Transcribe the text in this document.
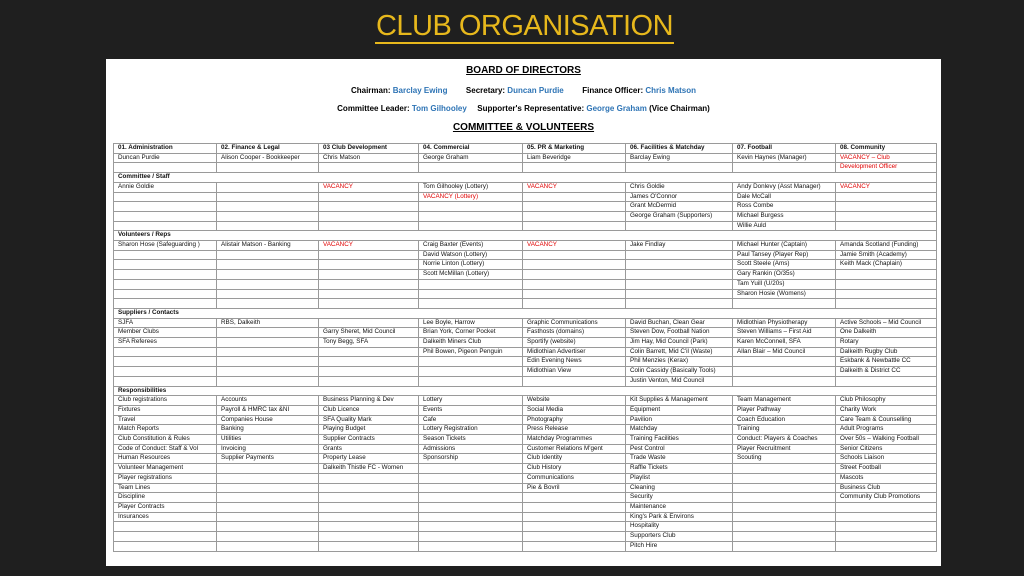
CLUB ORGANISATION
BOARD OF DIRECTORS
Chairman: Barclay Ewing Secretary: Duncan Purdie Finance Officer: Chris Matson
Committee Leader: Tom Gilhooley Supporter's Representative: George Graham (Vice Chairman)
COMMITTEE & VOLUNTEERS
01. Administration	02. Finance & Legal	03 Club Development	04. Commercial	05. PR & Marketing	06. Facilities & Matchday	07. Football	08. Community
Duncan Purdie	Alison Cooper - Bookkeeper	Chris Matson	George Graham	Liam Beveridge	Barclay Ewing	Kevin Haynes (Manager)	VACANCY – Club
							Development Officer
Committee / Staff							
Annie Goldie		VACANCY	Tom Gilhooley (Lottery)	VACANCY	Chris Goldie	Andy Donlevy (Asst Manager)	VACANCY
			VACANCY (Lottery)		James O'Connor	Dale McCall	
					Grant McDermid	Ross Combe	
					George Graham (Supporters)	Michael Burgess	
						Willie Auld	
Volunteers / Reps							
Sharon Hose (Safeguarding )	Alistair Matson - Banking	VACANCY	Craig Baxter (Events)	VACANCY	Jake Findlay	Michael Hunter (Captain)	Amanda Scotland (Funding)
			David Watson (Lottery)			Paul Tansey (Player Rep)	Jamie Smith (Academy)
			Norrie Linton (Lottery)			Scott Steele (Ams)	Keith Mack (Chaplain)
			Scott McMillan (Lottery)			Gary Rankin (O/35s)	
						Tam Yuill (U/20s)	
						Sharon Hosie (Womens)	

Suppliers / Contacts							
SJFA	RBS, Dalkeith		Lee Boyle, Harrow	Graphic Communications	David Buchan, Clean Gear	Midlothian Physiotherapy	Active Schools – Mid Council
Member Clubs		Garry Sheret, Mid Council	Brian York, Corner Pocket	Fasthosts (domains)	Steven Dow, Football Nation	Steven Williams – First Aid	One Dalkeith
SFA Referees		Tony Begg, SFA	Dalkeith Miners Club	Sportify (website)	Jim Hay, Mid Council (Park)	Karen McConnell, SFA	Rotary
			Phil Bowen, Pigeon Penguin	Midlothian Advertiser	Colin Barrett, Mid C'il (Waste)	Allan Blair – Mid Council	Dalkeith Rugby Club
				Edin Evening News	Phil Menzies (Kerax)		Eskbank & Newbattle CC
				Midlothian View	Colin Cassidy (Basically Tools)		Dalkeith & District CC
					Justin Venton, Mid Council		
Responsibilities							
Club registrations	Accounts	Business Planning & Dev	Lottery	Website	Kit Supplies & Management	Team Management	Club Philosophy
Fixtures	Payroll & HMRC tax &NI	Club Licence	Events	Social Media	Equipment	Player Pathway	Charity Work
Travel	Companies House	SFA Quality Mark	Cafe	Photography	Pavilion	Coach Education	Care Team & Counselling
Match Reports	Banking	Playing Budget	Lottery Registration	Press Release	Matchday	Training	Adult Programs
Club Constitution & Rules	Utilities	Supplier Contracts	Season Tickets	Matchday Programmes	Training Facilities	Conduct: Players & Coaches	Over 50s – Walking Football
Code of Conduct: Staff & Vol	Invoicing	Grants	Admissions	Customer Relations M'gent	Pest Control	Player Recruitment	Senior Citizens
Human Resources	Supplier Payments	Property Lease	Sponsorship	Club Identity	Trade Waste	Scouting	Schools Liaison
Volunteer Management		Dalkeith Thistle FC - Women		Club History	Raffle Tickets		Street Football
Player registrations				Communications	Playlist		Mascots
Team Lines				Pie & Bovril	Cleaning		Business Club
Discipline					Security		Community Club Promotions
Player Contracts					Maintenance		
Insurances					King's Park & Environs		
					Hospitality		
					Supporters Club		
					Pitch Hire		
